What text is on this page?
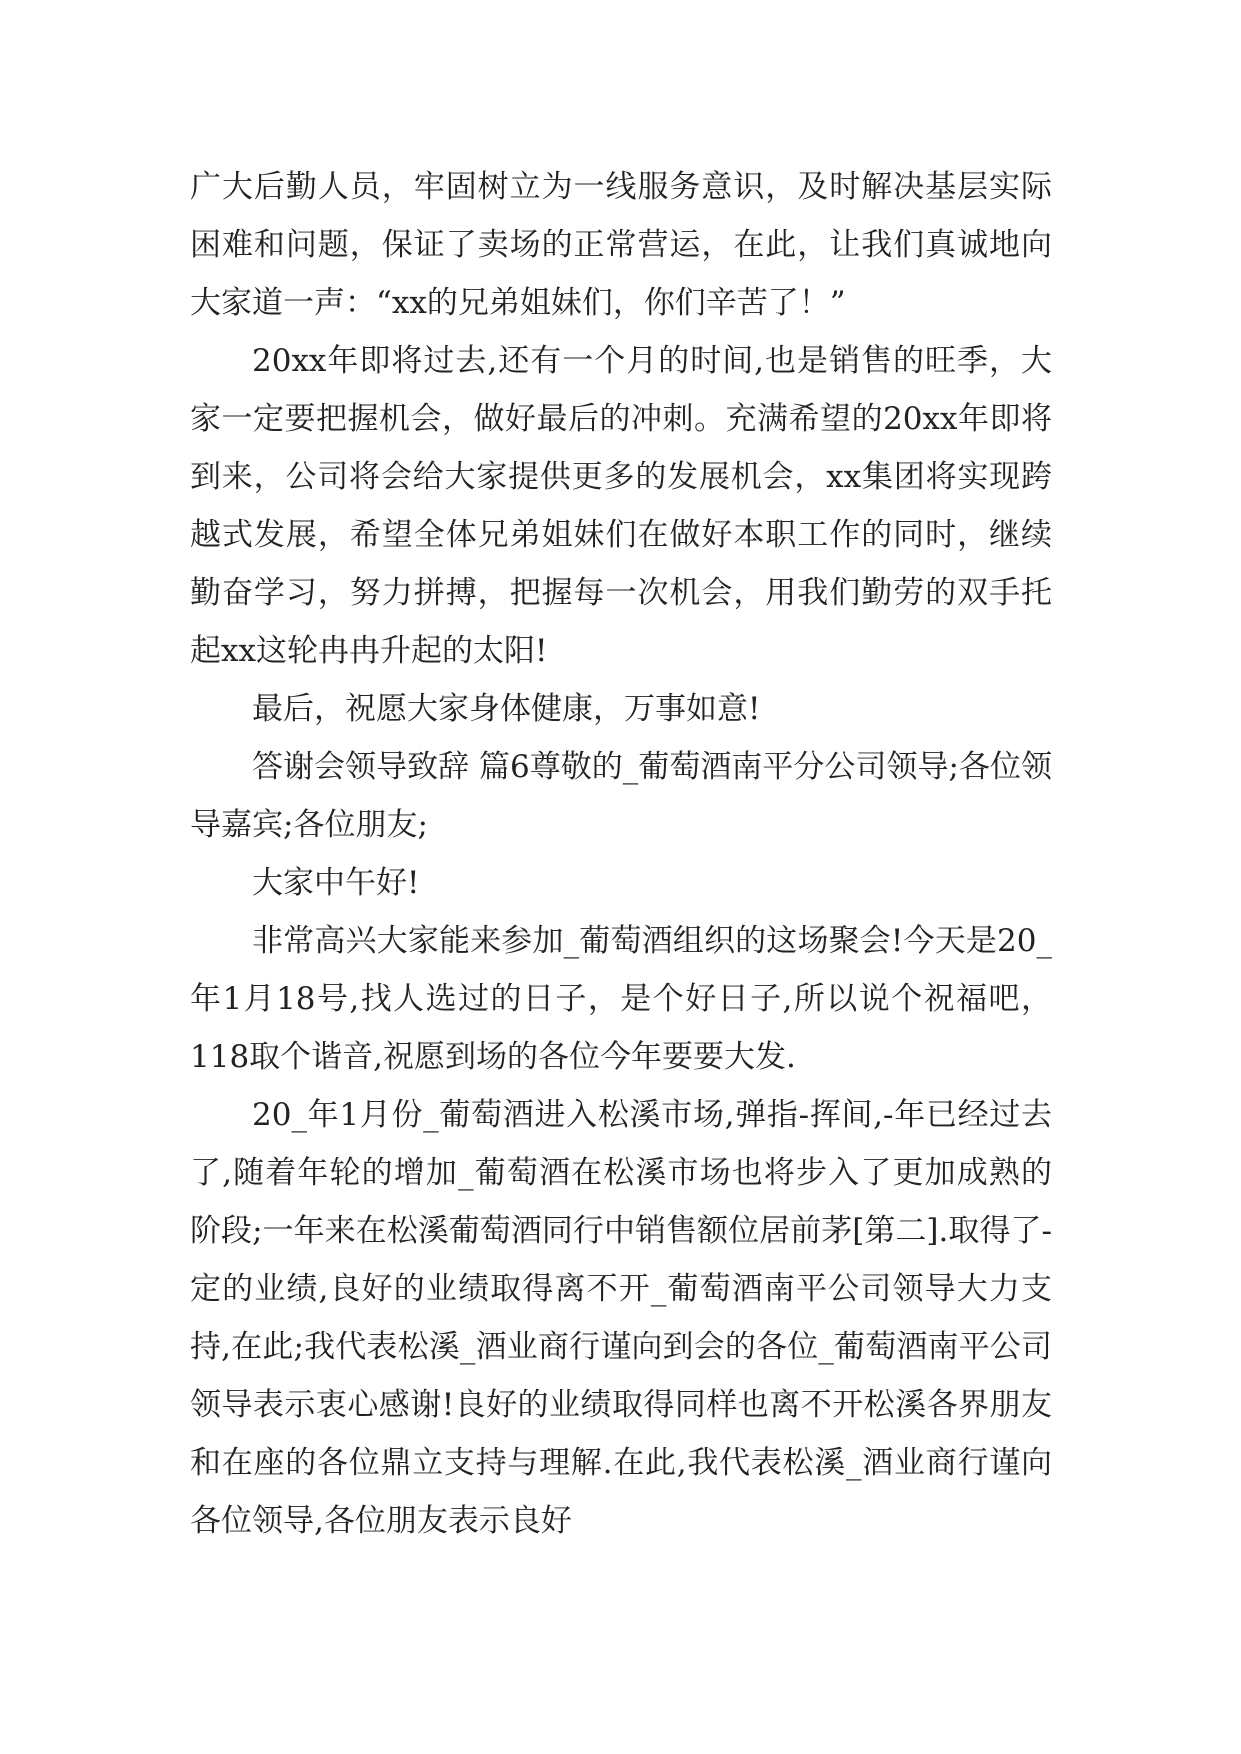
广大后勤人员，牢固树立为一线服务意识，及时解决基层实际困难和问题，保证了卖场的正常营运，在此，让我们真诚地向大家道一声：“xx的兄弟姐妹们，你们辛苦了！”

20xx年即将过去,还有一个月的时间,也是销售的旺季，大家一定要把握机会，做好最后的冲刺。充满希望的20xx年即将到来，公司将会给大家提供更多的发展机会，xx集团将实现跨越式发展，希望全体兄弟姐妹们在做好本职工作的同时，继续勤奋学习，努力拼搏，把握每一次机会，用我们勤劳的双手托起xx这轮冉冉升起的太阳!

最后，祝愿大家身体健康，万事如意!

答谢会领导致辞 篇6尊敬的_葡萄酒南平分公司领导;各位领导嘉宾;各位朋友;

大家中午好!

非常高兴大家能来参加_葡萄酒组织的这场聚会!今天是20_年1月18号,找人选过的日子，是个好日子,所以说个祝福吧，118取个谐音,祝愿到场的各位今年要要大发.

20_年1月份_葡萄酒进入松溪市场,弹指-挥间,-年已经过去了,随着年轮的增加_葡萄酒在松溪市场也将步入了更加成熟的阶段;一年来在松溪葡萄酒同行中销售额位居前茅[第二].取得了-定的业绩,良好的业绩取得离不开_葡萄酒南平公司领导大力支持,在此;我代表松溪_酒业商行谨向到会的各位_葡萄酒南平公司领导表示衷心感谢!良好的业绩取得同样也离不开松溪各界朋友和在座的各位鼎立支持与理解.在此,我代表松溪_酒业商行谨向各位领导,各位朋友表示良好
